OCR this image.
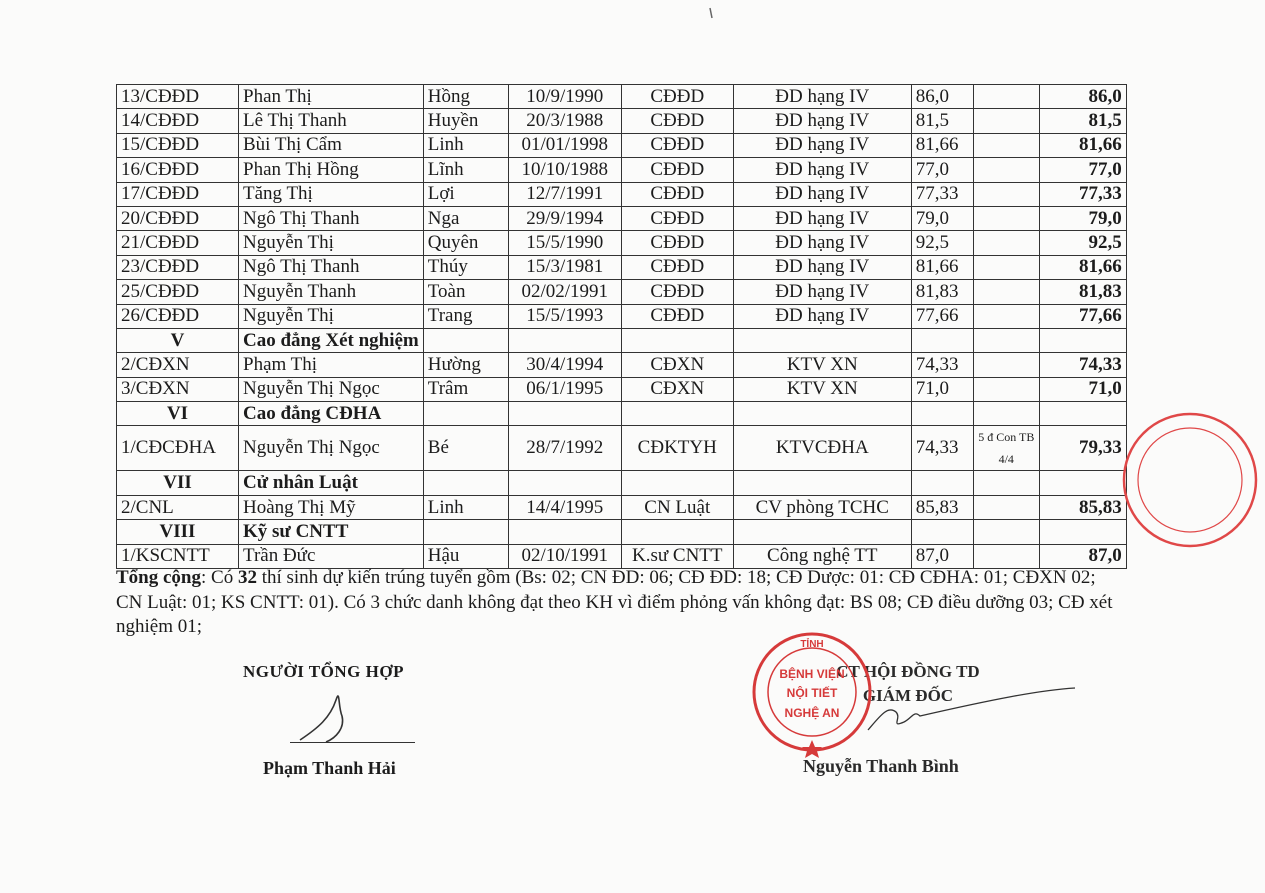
13/CĐĐD	Phan Thị	Hồng	10/9/1990	CĐĐD	ĐD hạng IV	86,0		86,0
14/CĐĐD	Lê Thị Thanh	Huyền	20/3/1988	CĐĐD	ĐD hạng IV	81,5		81,5
15/CĐĐD	Bùi Thị Cẩm	Linh	01/01/1998	CĐĐD	ĐD hạng IV	81,66		81,66
16/CĐĐD	Phan Thị Hồng	Lĩnh	10/10/1988	CĐĐD	ĐD hạng IV	77,0		77,0
17/CĐĐD	Tăng Thị	Lợi	12/7/1991	CĐĐD	ĐD hạng IV	77,33		77,33
20/CĐĐD	Ngô Thị Thanh	Nga	29/9/1994	CĐĐD	ĐD hạng IV	79,0		79,0
21/CĐĐD	Nguyễn Thị	Quyên	15/5/1990	CĐĐD	ĐD hạng IV	92,5		92,5
23/CĐĐD	Ngô Thị Thanh	Thúy	15/3/1981	CĐĐD	ĐD hạng IV	81,66		81,66
25/CĐĐD	Nguyễn Thanh	Toàn	02/02/1991	CĐĐD	ĐD hạng IV	81,83		81,83
26/CĐĐD	Nguyễn Thị	Trang	15/5/1993	CĐĐD	ĐD hạng IV	77,66		77,66
V	Cao đẳng Xét nghiệm							
2/CĐXN	Phạm Thị	Hường	30/4/1994	CĐXN	KTV XN	74,33		74,33
3/CĐXN	Nguyễn Thị Ngọc	Trâm	06/1/1995	CĐXN	KTV XN	71,0		71,0
VI	Cao đẳng CĐHA							
1/CĐCĐHA	Nguyễn Thị Ngọc	Bé	28/7/1992	CĐKTYH	KTVCĐHA	74,33	5 đ Con TB 4/4	79,33
VII	Cử nhân Luật							
2/CNL	Hoàng Thị Mỹ	Linh	14/4/1995	CN Luật	CV phòng TCHC	85,83		85,83
VIII	Kỹ sư CNTT							
1/KSCNTT	Trần Đức	Hậu	02/10/1991	K.sư CNTT	Công nghệ TT	87,0		87,0
Tổng cộng: Có 32 thí sinh dự kiến trúng tuyển gồm (Bs: 02; CN ĐD: 06; CĐ ĐD: 18; CĐ Dược: 01: CĐ CĐHA: 01; CĐXN 02; CN Luật: 01; KS CNTT: 01). Có 3 chức danh không đạt theo KH vì điểm phỏng vấn không đạt: BS 08; CĐ điều dưỡng 03; CĐ xét nghiệm 01;
NGƯỜI TỔNG HỢP
Phạm Thanh Hải
CT HỘI ĐỒNG TD
GIÁM ĐỐC
Nguyễn Thanh Bình
TỈNH
BỆNH VIỆN
NỘI TIẾT
NGHỆ AN
